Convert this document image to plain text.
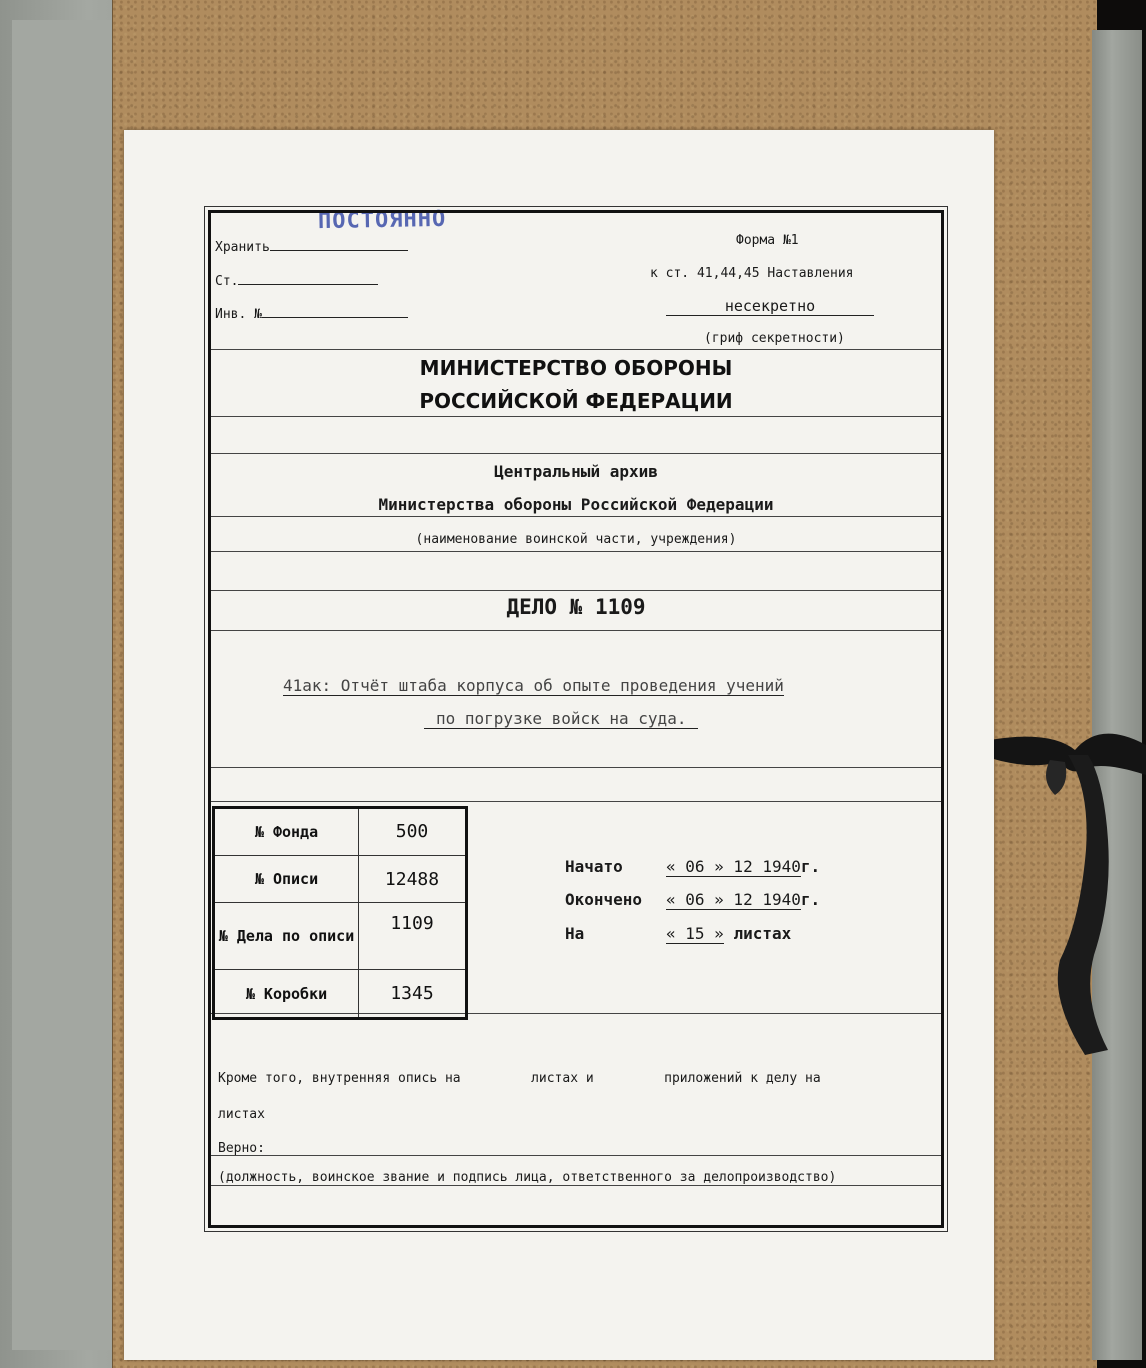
ПОСТОЯННО
Хранить
Ст.
Инв. №
Форма №1
к ст. 41,44,45 Наставления
несекретно
(гриф секретности)
МИНИСТЕРСТВО ОБОРОНЫ
РОССИЙСКОЙ ФЕДЕРАЦИИ
Центральный архив
Министерства обороны Российской Федерации
(наименование воинской части, учреждения)
ДЕЛО № 1109
41ак: Отчёт штаба корпуса об опыте проведения учений
по погрузке войск на суда.
№ Фонда	500
№ Описи	12488
№ Дела по описи	1109
№ Коробки	1345
Начато	« 06 » 12 1940г.
Окончено « 06 » 12 1940г.
На	« 15 » листах
Кроме того, внутренняя опись на         листах и         приложений к делу на
листах
Верно:
(должность, воинское звание и подпись лица, ответственного за делопроизводство)
